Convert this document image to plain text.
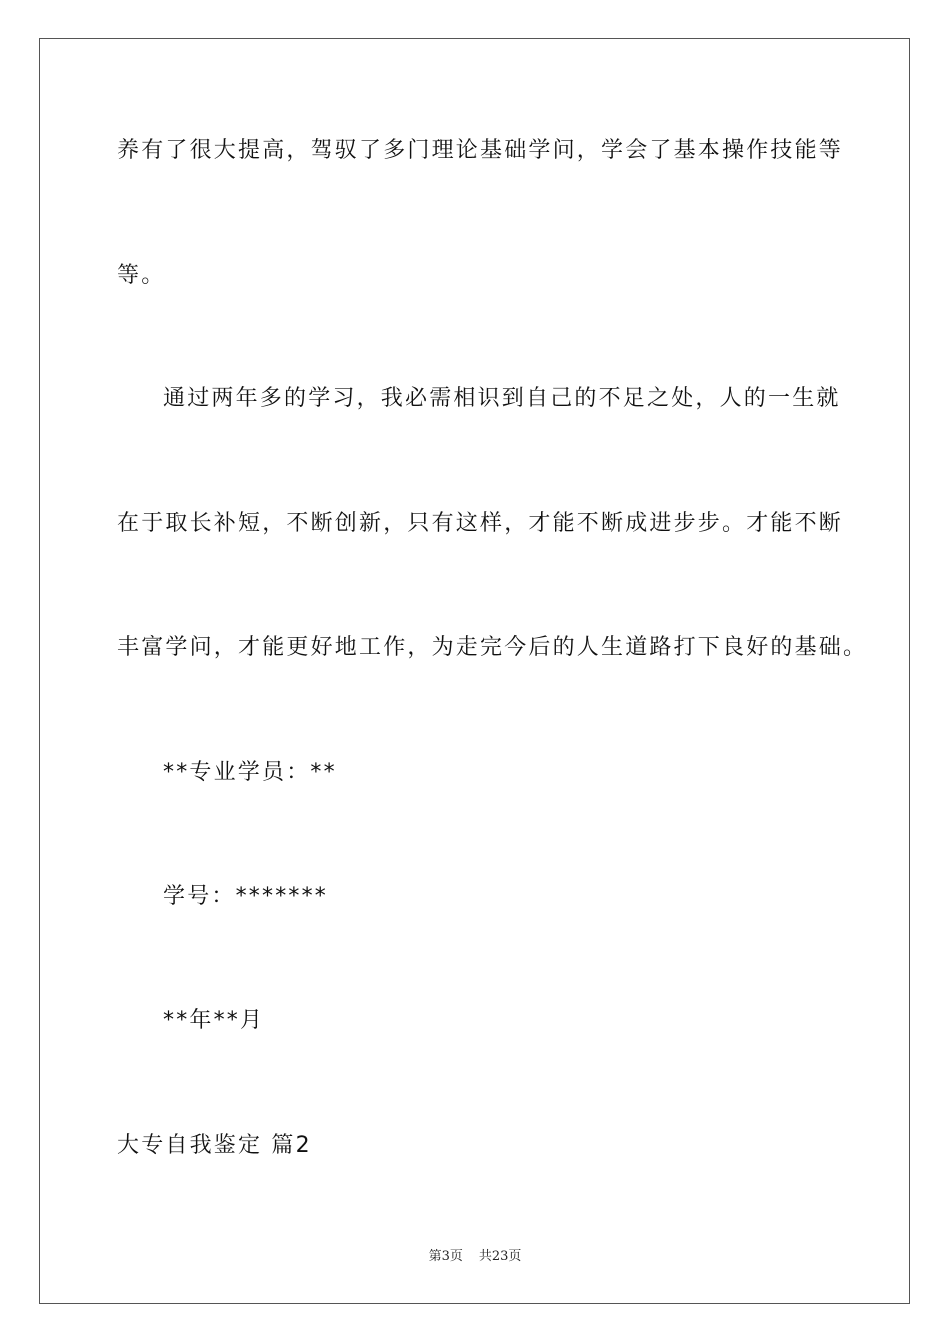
养有了很大提高，驾驭了多门理论基础学问，学会了基本操作技能等
等。
通过两年多的学习，我必需相识到自己的不足之处，人的一生就
在于取长补短，不断创新，只有这样，才能不断成进步步。才能不断
丰富学问，才能更好地工作，为走完今后的人生道路打下良好的基础。
**专业学员：**
学号：*******
**年**月
大专自我鉴定 篇2
第3页 共23页
